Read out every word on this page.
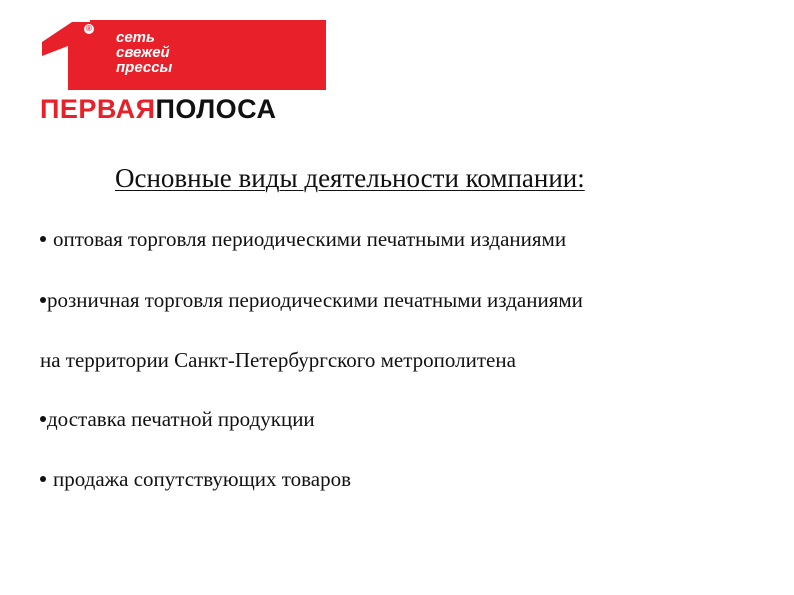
®
сеть
свежей
прессы
ПЕРВАЯПОЛОСА
Основные виды деятельности компании:
оптовая торговля периодическими печатными изданиями
розничная торговля периодическими печатными изданиями
на территории Санкт-Петербургского метрополитена
доставка печатной продукции
продажа сопутствующих товаров
